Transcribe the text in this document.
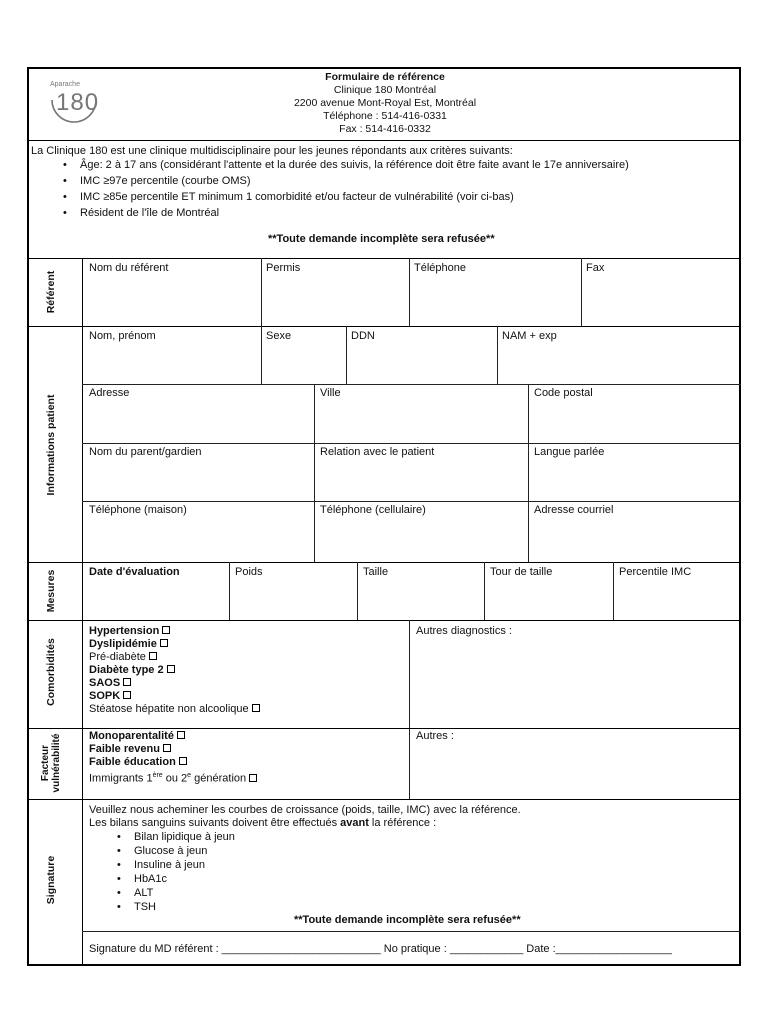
Aparache
180
Formulaire de référence
Clinique 180 Montréal
2200 avenue Mont-Royal Est, Montréal
Téléphone : 514-416-0331
Fax : 514-416-0332
La Clinique 180 est une clinique multidisciplinaire pour les jeunes répondants aux critères suivants:
• Âge: 2 à 17 ans (considérant l'attente et la durée des suivis, la référence doit être faite avant le 17e anniversaire)
• IMC ≥97e percentile (courbe OMS)
• IMC ≥85e percentile ET minimum 1 comorbidité et/ou facteur de vulnérabilité (voir ci-bas)
• Résident de l'île de Montréal
**Toute demande incomplète sera refusée**
Référent
Nom du référent	Permis	Téléphone	Fax
Informations patient
Nom, prénom	Sexe	DDN	NAM + exp
Adresse	Ville	Code postal
Nom du parent/gardien	Relation avec le patient	Langue parlée
Téléphone (maison)	Téléphone (cellulaire)	Adresse courriel
Mesures	Date d'évaluation	Poids	Taille	Tour de taille	Percentile IMC
Comorbidités
Hypertension
Dyslipidémie
Pré-diabète
Diabète type 2
SAOS
SOPK
Stéatose hépatite non alcoolique
Autres diagnostics :
Facteur vulnérabilité Monoparentalité
Faible revenu
Faible éducation
Immigrants 1ère ou 2e génération
Autres :
Signature
Veuillez nous acheminer les courbes de croissance (poids, taille, IMC) avec la référence.
Les bilans sanguins suivants doivent être effectués avant la référence :
• Bilan lipidique à jeun
• Glucose à jeun
• Insuline à jeun
• HbA1c
• ALT
• TSH
**Toute demande incomplète sera refusée**
Signature du MD référent : __________________________ No pratique : ____________ Date :___________________
